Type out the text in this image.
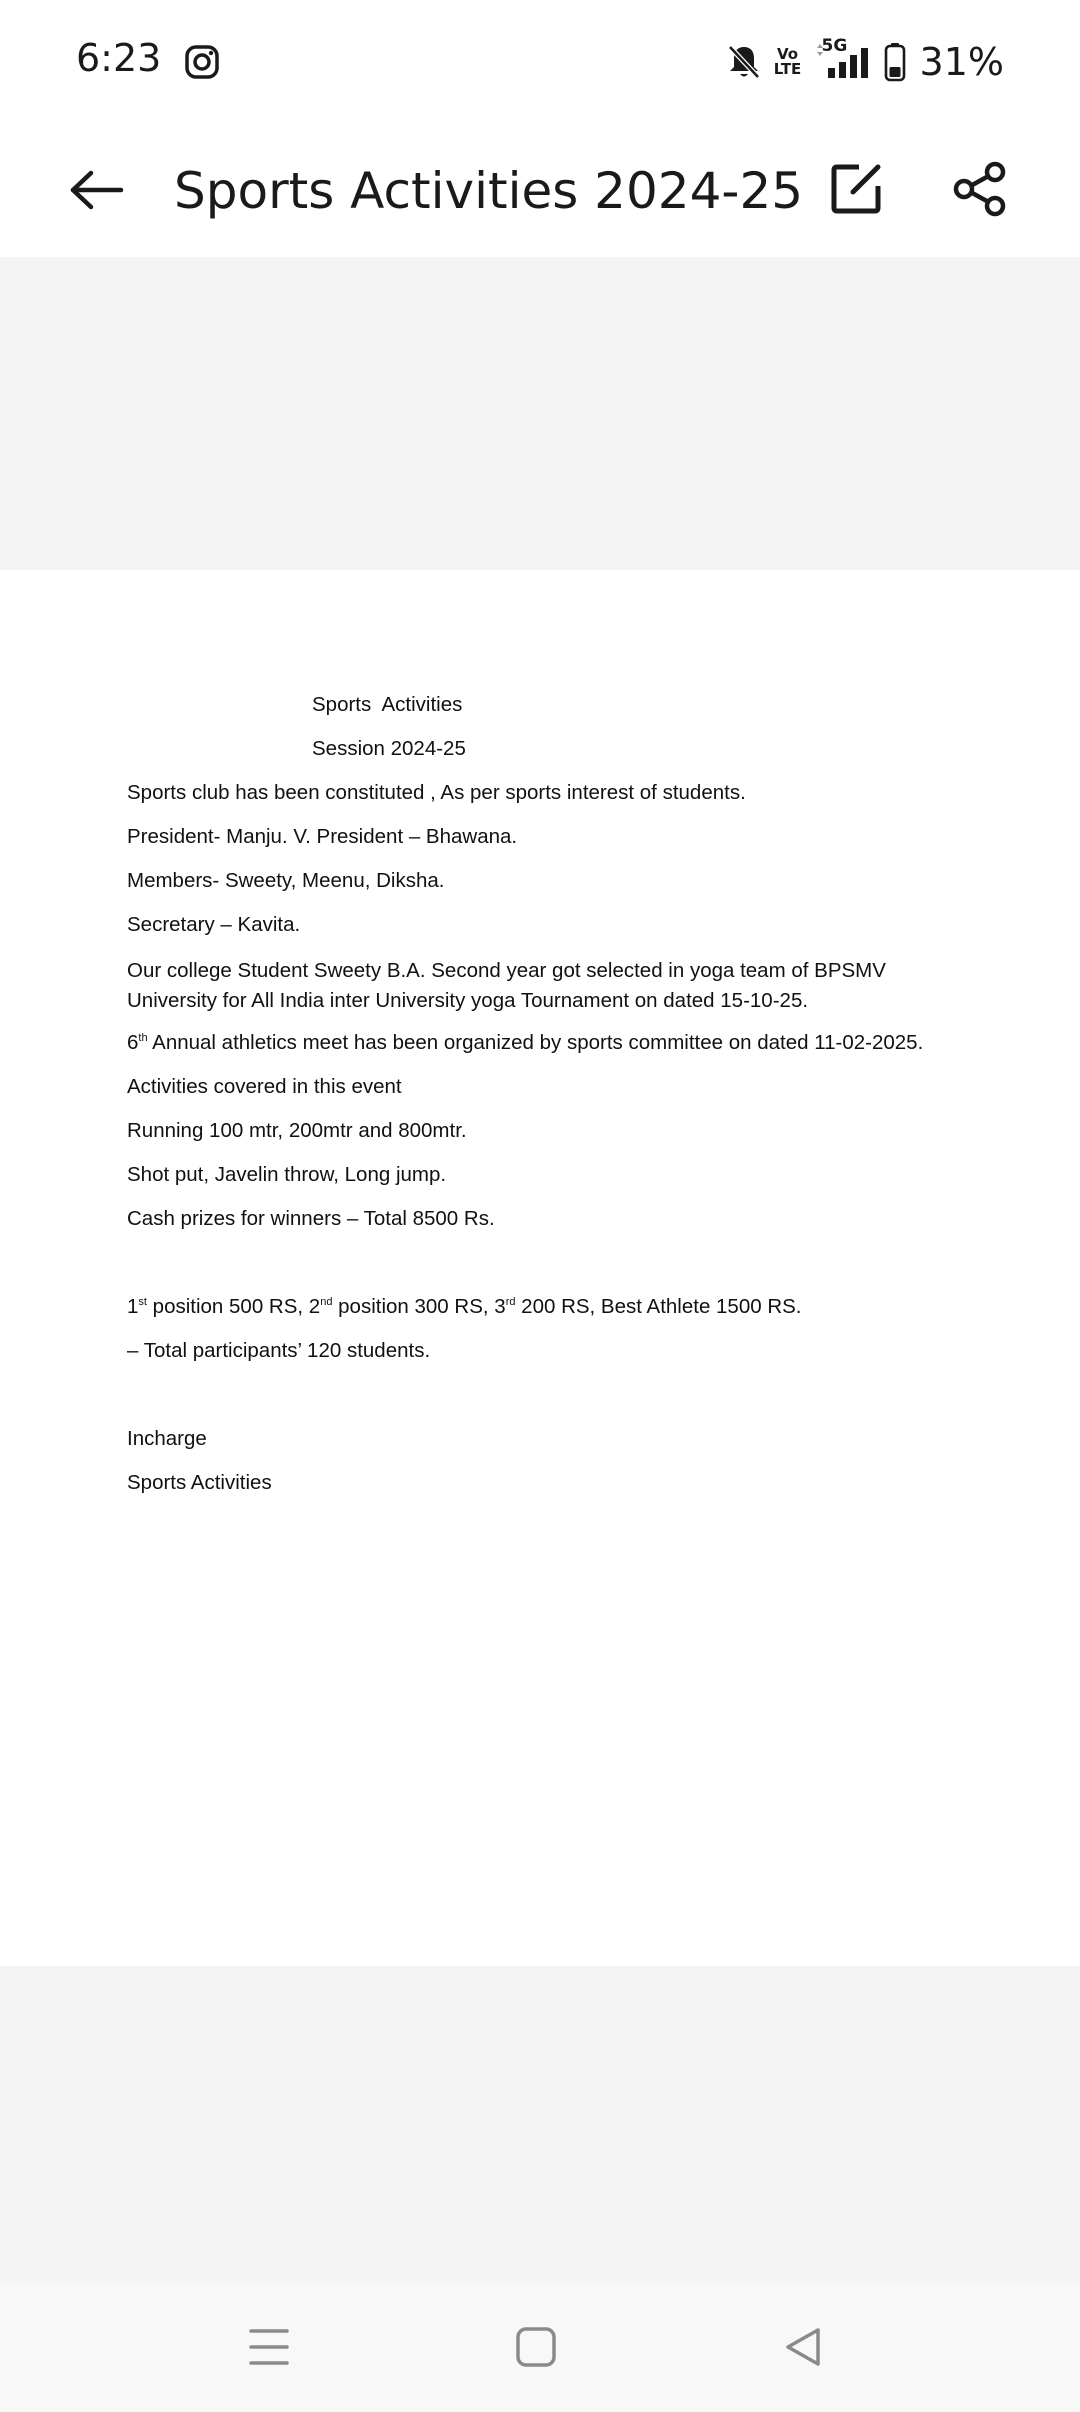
6:23	Vo
LTE
5G 31%
Sports Activities 2024-25

Sports  Activities

Session 2024-25

Sports club has been constituted , As per sports interest of students.

President- Manju. V. President – Bhawana.

Members- Sweety, Meenu, Diksha.

Secretary – Kavita.

Our college Student Sweety B.A. Second year got selected in yoga team of BPSMV University for All India inter University yoga Tournament on dated 15-10-25.

6th Annual athletics meet has been organized by sports committee on dated 11-02-2025.

Activities covered in this event

Running 100 mtr, 200mtr and 800mtr.

Shot put, Javelin throw, Long jump.

Cash prizes for winners – Total 8500 Rs.

1st position 500 RS, 2nd position 300 RS, 3rd 200 RS, Best Athlete 1500 RS.

– Total participants’ 120 students.

Incharge

Sports Activities
